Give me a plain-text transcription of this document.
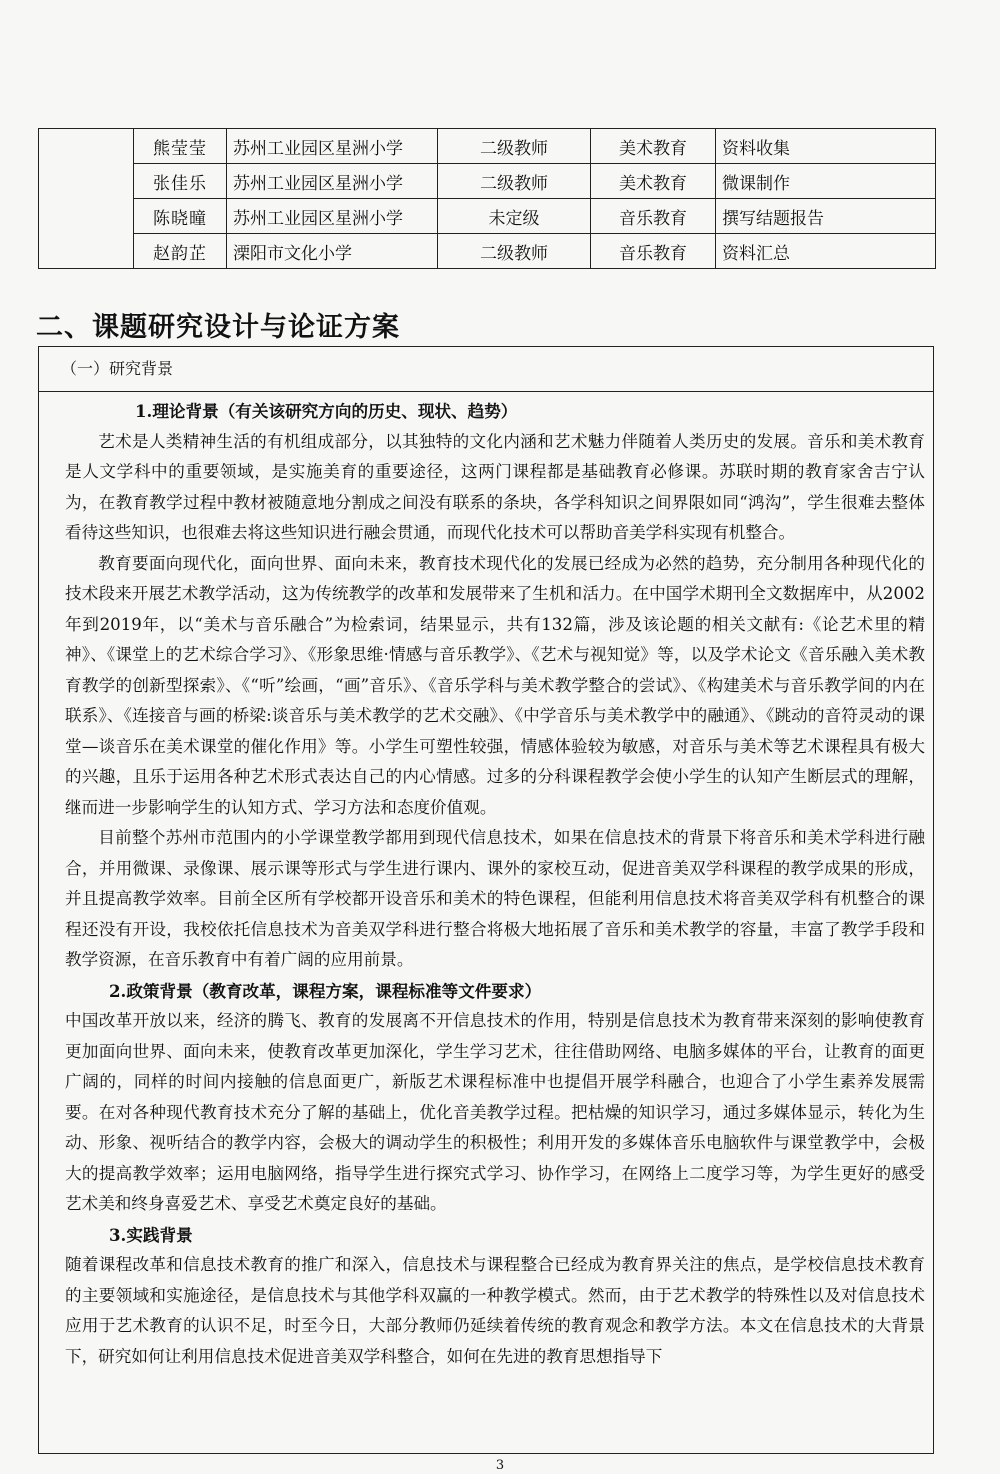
	熊莹莹	苏州工业园区星洲小学	二级教师	美术教育	资料收集
	张佳乐	苏州工业园区星洲小学	二级教师	美术教育	微课制作
	陈晓曈	苏州工业园区星洲小学	未定级	音乐教育	撰写结题报告
	赵韵芷	溧阳市文化小学	二级教师	音乐教育	资料汇总
二、课题研究设计与论证方案
（一）研究背景

1.理论背景（有关该研究方向的历史、现状、趋势）

艺术是人类精神生活的有机组成部分，以其独特的文化内涵和艺术魅力伴随着人类历史的发展。音乐和美术教育是人文学科中的重要领域，是实施美育的重要途径，这两门课程都是基础教育必修课。苏联时期的教育家舍吉宁认为，在教育教学过程中教材被随意地分割成之间没有联系的条块，各学科知识之间界限如同“鸿沟”，学生很难去整体看待这些知识，也很难去将这些知识进行融会贯通，而现代化技术可以帮助音美学科实现有机整合。

教育要面向现代化，面向世界、面向未来，教育技术现代化的发展已经成为必然的趋势，充分制用各种现代化的技术段来开展艺术教学活动，这为传统教学的改革和发展带来了生机和活力。在中国学术期刊全文数据库中，从2002年到2019年，以“美术与音乐融合”为检索词，结果显示，共有132篇，涉及该论题的相关文献有:《论艺术里的精神》、《课堂上的艺术综合学习》、《形象思维·情感与音乐教学》、《艺术与视知觉》等，以及学术论文《音乐融入美术教育教学的创新型探索》、《“听”绘画，“画”音乐》、《音乐学科与美术教学整合的尝试》、《构建美术与音乐教学间的内在联系》、《连接音与画的桥梁:谈音乐与美术教学的艺术交融》、《中学音乐与美术教学中的融通》、《跳动的音符灵动的课堂—谈音乐在美术课堂的催化作用》等。小学生可塑性较强，情感体验较为敏感，对音乐与美术等艺术课程具有极大的兴趣，且乐于运用各种艺术形式表达自己的内心情感。过多的分科课程教学会使小学生的认知产生断层式的理解，继而进一步影响学生的认知方式、学习方法和态度价值观。

目前整个苏州市范围内的小学课堂教学都用到现代信息技术，如果在信息技术的背景下将音乐和美术学科进行融合，并用微课、录像课、展示课等形式与学生进行课内、课外的家校互动，促进音美双学科课程的教学成果的形成，并且提高教学效率。目前全区所有学校都开设音乐和美术的特色课程，但能利用信息技术将音美双学科有机整合的课程还没有开设，我校依托信息技术为音美双学科进行整合将极大地拓展了音乐和美术教学的容量，丰富了教学手段和教学资源，在音乐教育中有着广阔的应用前景。

2.政策背景（教育改革，课程方案，课程标准等文件要求）

中国改革开放以来，经济的腾飞、教育的发展离不开信息技术的作用，特别是信息技术为教育带来深刻的影响使教育更加面向世界、面向未来，使教育改革更加深化，学生学习艺术，往往借助网络、电脑多媒体的平台，让教育的面更广阔的，同样的时间内接触的信息面更广，新版艺术课程标准中也提倡开展学科融合，也迎合了小学生素养发展需要。在对各种现代教育技术充分了解的基础上，优化音美教学过程。把枯燥的知识学习，通过多媒体显示，转化为生动、形象、视听结合的教学内容，会极大的调动学生的积极性；利用开发的多媒体音乐电脑软件与课堂教学中，会极大的提高教学效率；运用电脑网络，指导学生进行探究式学习、协作学习，在网络上二度学习等，为学生更好的感受艺术美和终身喜爱艺术、享受艺术奠定良好的基础。

3.实践背景

随着课程改革和信息技术教育的推广和深入，信息技术与课程整合已经成为教育界关注的焦点，是学校信息技术教育的主要领域和实施途径，是信息技术与其他学科双赢的一种教学模式。然而，由于艺术教学的特殊性以及对信息技术应用于艺术教育的认识不足，时至今日，大部分教师仍延续着传统的教育观念和教学方法。本文在信息技术的大背景下，研究如何让利用信息技术促进音美双学科整合，如何在先进的教育思想指导下

3
